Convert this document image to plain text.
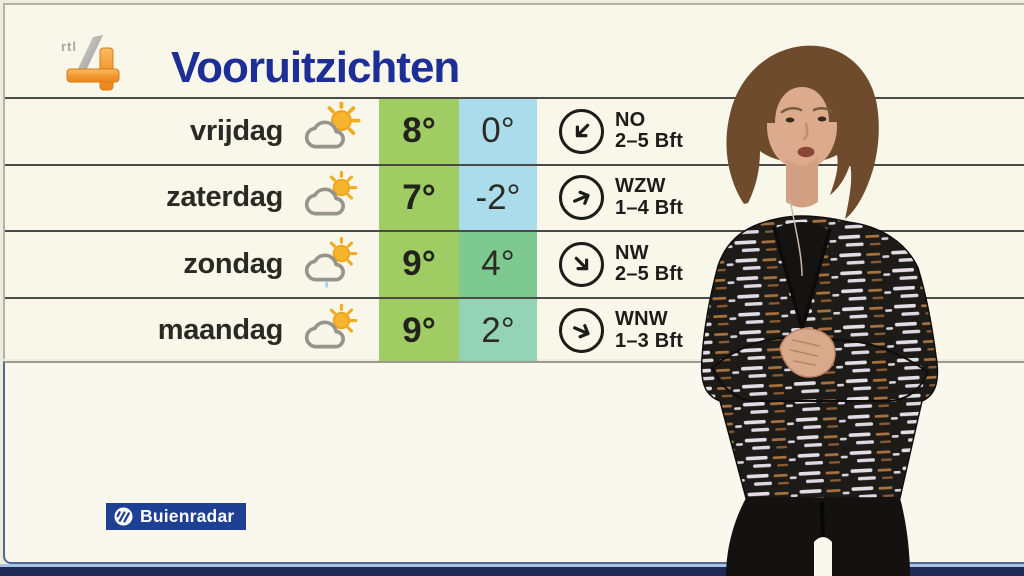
rtl Vooruitzichten
vrijdag	8°	0°	NO
2–5 Bft
zaterdag	7°	-2°	WZW
1–4 Bft
zondag	9°	4°	NW
2–5 Bft
maandag	9°	2°	WNW
1–3 Bft
Buienradar
